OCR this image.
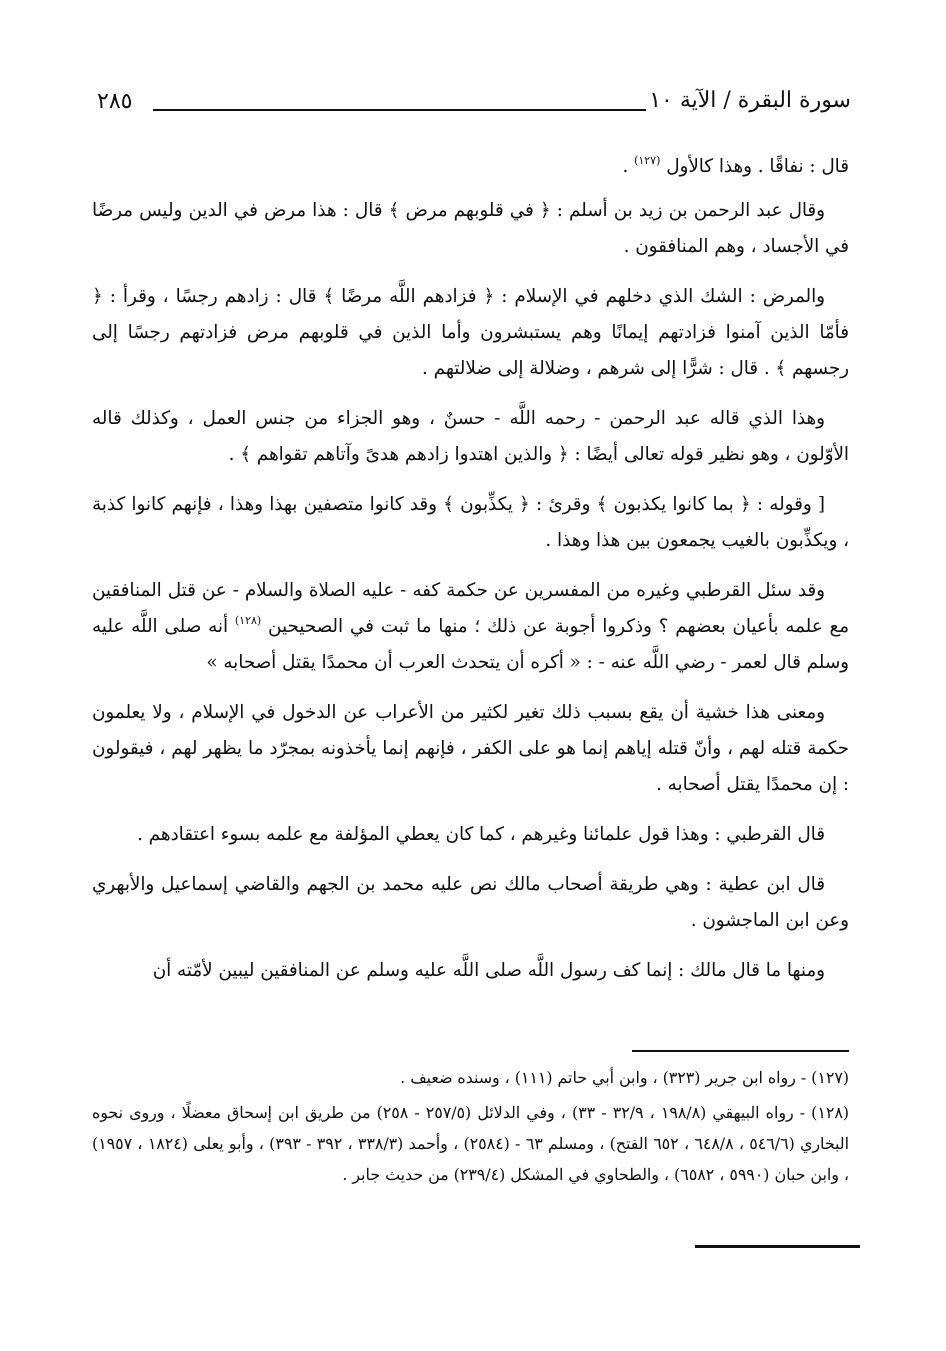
سورة البقرة / الآية ١٠
٢٨٥

قال : نفاقًا . وهذا كالأول $^{(١٢٧)}$ .

وقال عبد الرحمن بن زيد بن أسلم : ﴿ في قلوبهم مرض ﴾ قال : هذا مرض في الدين وليس مرضًا في الأجساد ، وهم المنافقون .

والمرض : الشك الذي دخلهم في الإسلام : ﴿ فزادهم اللَّه مرضًا ﴾ قال : زادهم رجسًا ، وقرأ : ﴿ فأمّا الذين آمنوا فزادتهم إيمانًا وهم يستبشرون وأما الذين في قلوبهم مرض فزادتهم رجسًا إلى رجسهم ﴾ . قال : شرًّا إلى شرهم ، وضلالة إلى ضلالتهم .

وهذا الذي قاله عبد الرحمن - رحمه اللَّه - حسنٌ ، وهو الجزاء من جنس العمل ، وكذلك قاله الأوّلون ، وهو نظير قوله تعالى أيضًا : ﴿ والذين اهتدوا زادهم هدىً وآتاهم تقواهم ﴾ .

[ وقوله : ﴿ بما كانوا يكذبون ﴾ وقرئ : ﴿ يكذِّبون ﴾ وقد كانوا متصفين بهذا وهذا ، فإنهم كانوا كذبة ، ويكذِّبون بالغيب يجمعون بين هذا وهذا .

وقد سئل القرطبي وغيره من المفسرين عن حكمة كفه - عليه الصلاة والسلام - عن قتل المنافقين مع علمه بأعيان بعضهم ؟ وذكروا أجوبة عن ذلك ؛ منها ما ثبت في الصحيحين $^{(١٢٨)}$ أنه صلى اللَّه عليه وسلم قال لعمر - رضي اللَّه عنه - : « أكره أن يتحدث العرب أن محمدًا يقتل أصحابه »

ومعنى هذا خشية أن يقع بسبب ذلك تغير لكثير من الأعراب عن الدخول في الإسلام ، ولا يعلمون حكمة قتله لهم ، وأنّ قتله إياهم إنما هو على الكفر ، فإنهم إنما يأخذونه بمجرّد ما يظهر لهم ، فيقولون : إن محمدًا يقتل أصحابه .

قال القرطبي : وهذا قول علمائنا وغيرهم ، كما كان يعطي المؤلفة مع علمه بسوء اعتقادهم .

قال ابن عطية : وهي طريقة أصحاب مالك نص عليه محمد بن الجهم والقاضي إسماعيل والأبهري وعن ابن الماجشون .

ومنها ما قال مالك : إنما كف رسول اللَّه صلى اللَّه عليه وسلم عن المنافقين ليبين لأمّته أن

(١٢٧) - رواه ابن جرير (٣٢٣) ، وابن أبي حاتم (١١١) ، وسنده ضعيف .

(١٢٨) - رواه البيهقي (١٩٨/٨ ، ٣٢/٩ - ٣٣) ، وفي الدلائل (٢٥٧/٥ - ٢٥٨) من طريق ابن إسحاق معضلًا ، وروى نحوه البخاري (٥٤٦/٦ ، ٦٤٨/٨ ، ٦٥٢ الفتح) ، ومسلم ٦٣ - (٢٥٨٤) ، وأحمد (٣٣٨/٣ ، ٣٩٢ - ٣٩٣) ، وأبو يعلى (١٨٢٤ ، ١٩٥٧) ، وابن حبان (٥٩٩٠ ، ٦٥٨٢) ، والطحاوي في المشكل (٢٣٩/٤) من حديث جابر .
